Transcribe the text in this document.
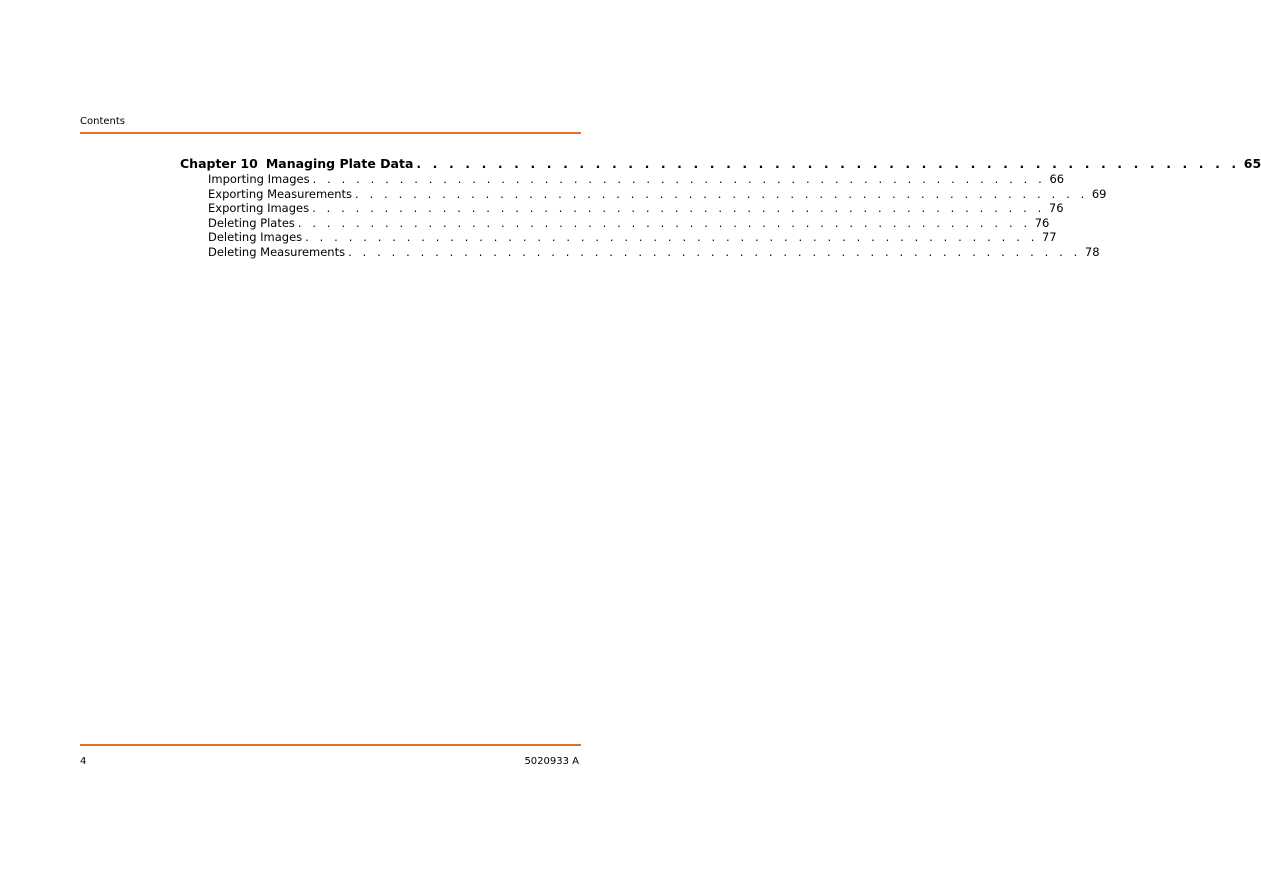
Contents
Chapter 10 Managing Plate Data . . . . . . . . . . . . . . . . . . . . . . . . . . . . . . . . . . . . . . . . . . . . . . . . . . . 65
Importing Images . . . . . . . . . . . . . . . . . . . . . . . . . . . . . . . . . . . . . . . . . . . . . . . . . . . 66
Exporting Measurements . . . . . . . . . . . . . . . . . . . . . . . . . . . . . . . . . . . . . . . . . . . . . . . . . . . 69
Exporting Images . . . . . . . . . . . . . . . . . . . . . . . . . . . . . . . . . . . . . . . . . . . . . . . . . . . 76
Deleting Plates . . . . . . . . . . . . . . . . . . . . . . . . . . . . . . . . . . . . . . . . . . . . . . . . . . . 76
Deleting Images . . . . . . . . . . . . . . . . . . . . . . . . . . . . . . . . . . . . . . . . . . . . . . . . . . . 77
Deleting Measurements . . . . . . . . . . . . . . . . . . . . . . . . . . . . . . . . . . . . . . . . . . . . . . . . . . . 78
4	5020933 A
